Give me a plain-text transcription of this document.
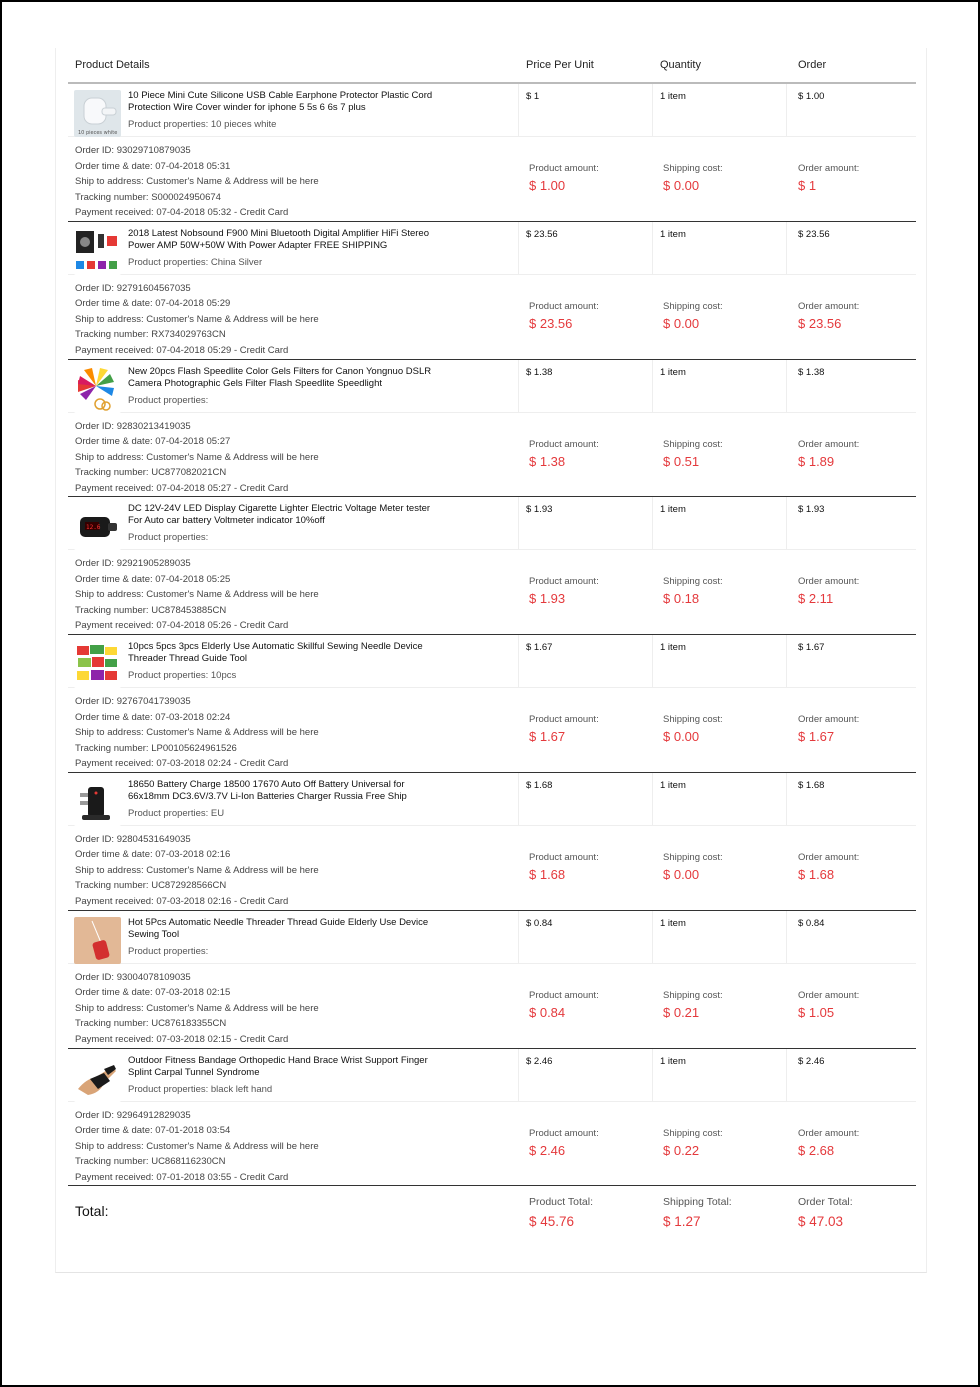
Product Details	Price Per Unit	Quantity	Order
10 pieces white
10 Piece Mini Cute Silicone USB Cable Earphone Protector Plastic Cord Protection Wire Cover winder for iphone 5 5s 6 6s 7 plus
Product properties: 10 pieces white
$ 1	1 item	$ 1.00
Order ID: 93029710879035
Order time & date: 07-04-2018 05:31
Ship to address: Customer's Name & Address will be here
Tracking number: S000024950674
Payment received: 07-04-2018 05:32 - Credit Card
Product amount:
$ 1.00
Shipping cost:
$ 0.00
Order amount:
$ 1
2018 Latest Nobsound F900 Mini Bluetooth Digital Amplifier HiFi Stereo Power AMP 50W+50W With Power Adapter FREE SHIPPING
Product properties: China Silver
$ 23.56	1 item	$ 23.56
Order ID: 92791604567035
Order time & date: 07-04-2018 05:29
Ship to address: Customer's Name & Address will be here
Tracking number: RX734029763CN
Payment received: 07-04-2018 05:29 - Credit Card
Product amount:
$ 23.56
Shipping cost:
$ 0.00
Order amount:
$ 23.56
New 20pcs Flash Speedlite Color Gels Filters for Canon Yongnuo DSLR Camera Photographic Gels Filter Flash Speedlite Speedlight
Product properties:
$ 1.38	1 item	$ 1.38
Order ID: 92830213419035
Order time & date: 07-04-2018 05:27
Ship to address: Customer's Name & Address will be here
Tracking number: UC877082021CN
Payment received: 07-04-2018 05:27 - Credit Card
Product amount:
$ 1.38
Shipping cost:
$ 0.51
Order amount:
$ 1.89
12.6
DC 12V-24V LED Display Cigarette Lighter Electric Voltage Meter tester For Auto car battery Voltmeter indicator 10%off
Product properties:
$ 1.93	1 item	$ 1.93
Order ID: 92921905289035
Order time & date: 07-04-2018 05:25
Ship to address: Customer's Name & Address will be here
Tracking number: UC878453885CN
Payment received: 07-04-2018 05:26 - Credit Card
Product amount:
$ 1.93
Shipping cost:
$ 0.18
Order amount:
$ 2.11
10pcs 5pcs 3pcs Elderly Use Automatic Skillful Sewing Needle Device Threader Thread Guide Tool
Product properties: 10pcs
$ 1.67	1 item	$ 1.67
Order ID: 92767041739035
Order time & date: 07-03-2018 02:24
Ship to address: Customer's Name & Address will be here
Tracking number: LP00105624961526
Payment received: 07-03-2018 02:24 - Credit Card
Product amount:
$ 1.67
Shipping cost:
$ 0.00
Order amount:
$ 1.67
18650 Battery Charge 18500 17670 Auto Off Battery Universal for 66x18mm DC3.6V/3.7V Li-Ion Batteries Charger Russia Free Ship
Product properties: EU
$ 1.68	1 item	$ 1.68
Order ID: 92804531649035
Order time & date: 07-03-2018 02:16
Ship to address: Customer's Name & Address will be here
Tracking number: UC872928566CN
Payment received: 07-03-2018 02:16 - Credit Card
Product amount:
$ 1.68
Shipping cost:
$ 0.00
Order amount:
$ 1.68
Hot 5Pcs Automatic Needle Threader Thread Guide Elderly Use Device Sewing Tool
Product properties:
$ 0.84	1 item	$ 0.84
Order ID: 93004078109035
Order time & date: 07-03-2018 02:15
Ship to address: Customer's Name & Address will be here
Tracking number: UC876183355CN
Payment received: 07-03-2018 02:15 - Credit Card
Product amount:
$ 0.84
Shipping cost:
$ 0.21
Order amount:
$ 1.05
Outdoor Fitness Bandage Orthopedic Hand Brace Wrist Support Finger Splint Carpal Tunnel Syndrome
Product properties: black left hand
$ 2.46	1 item	$ 2.46
Order ID: 92964912829035
Order time & date: 07-01-2018 03:54
Ship to address: Customer's Name & Address will be here
Tracking number: UC868116230CN
Payment received: 07-01-2018 03:55 - Credit Card
Product amount:
$ 2.46
Shipping cost:
$ 0.22
Order amount:
$ 2.68
Total:
Product Total:
$ 45.76
Shipping Total:
$ 1.27
Order Total:
$ 47.03
